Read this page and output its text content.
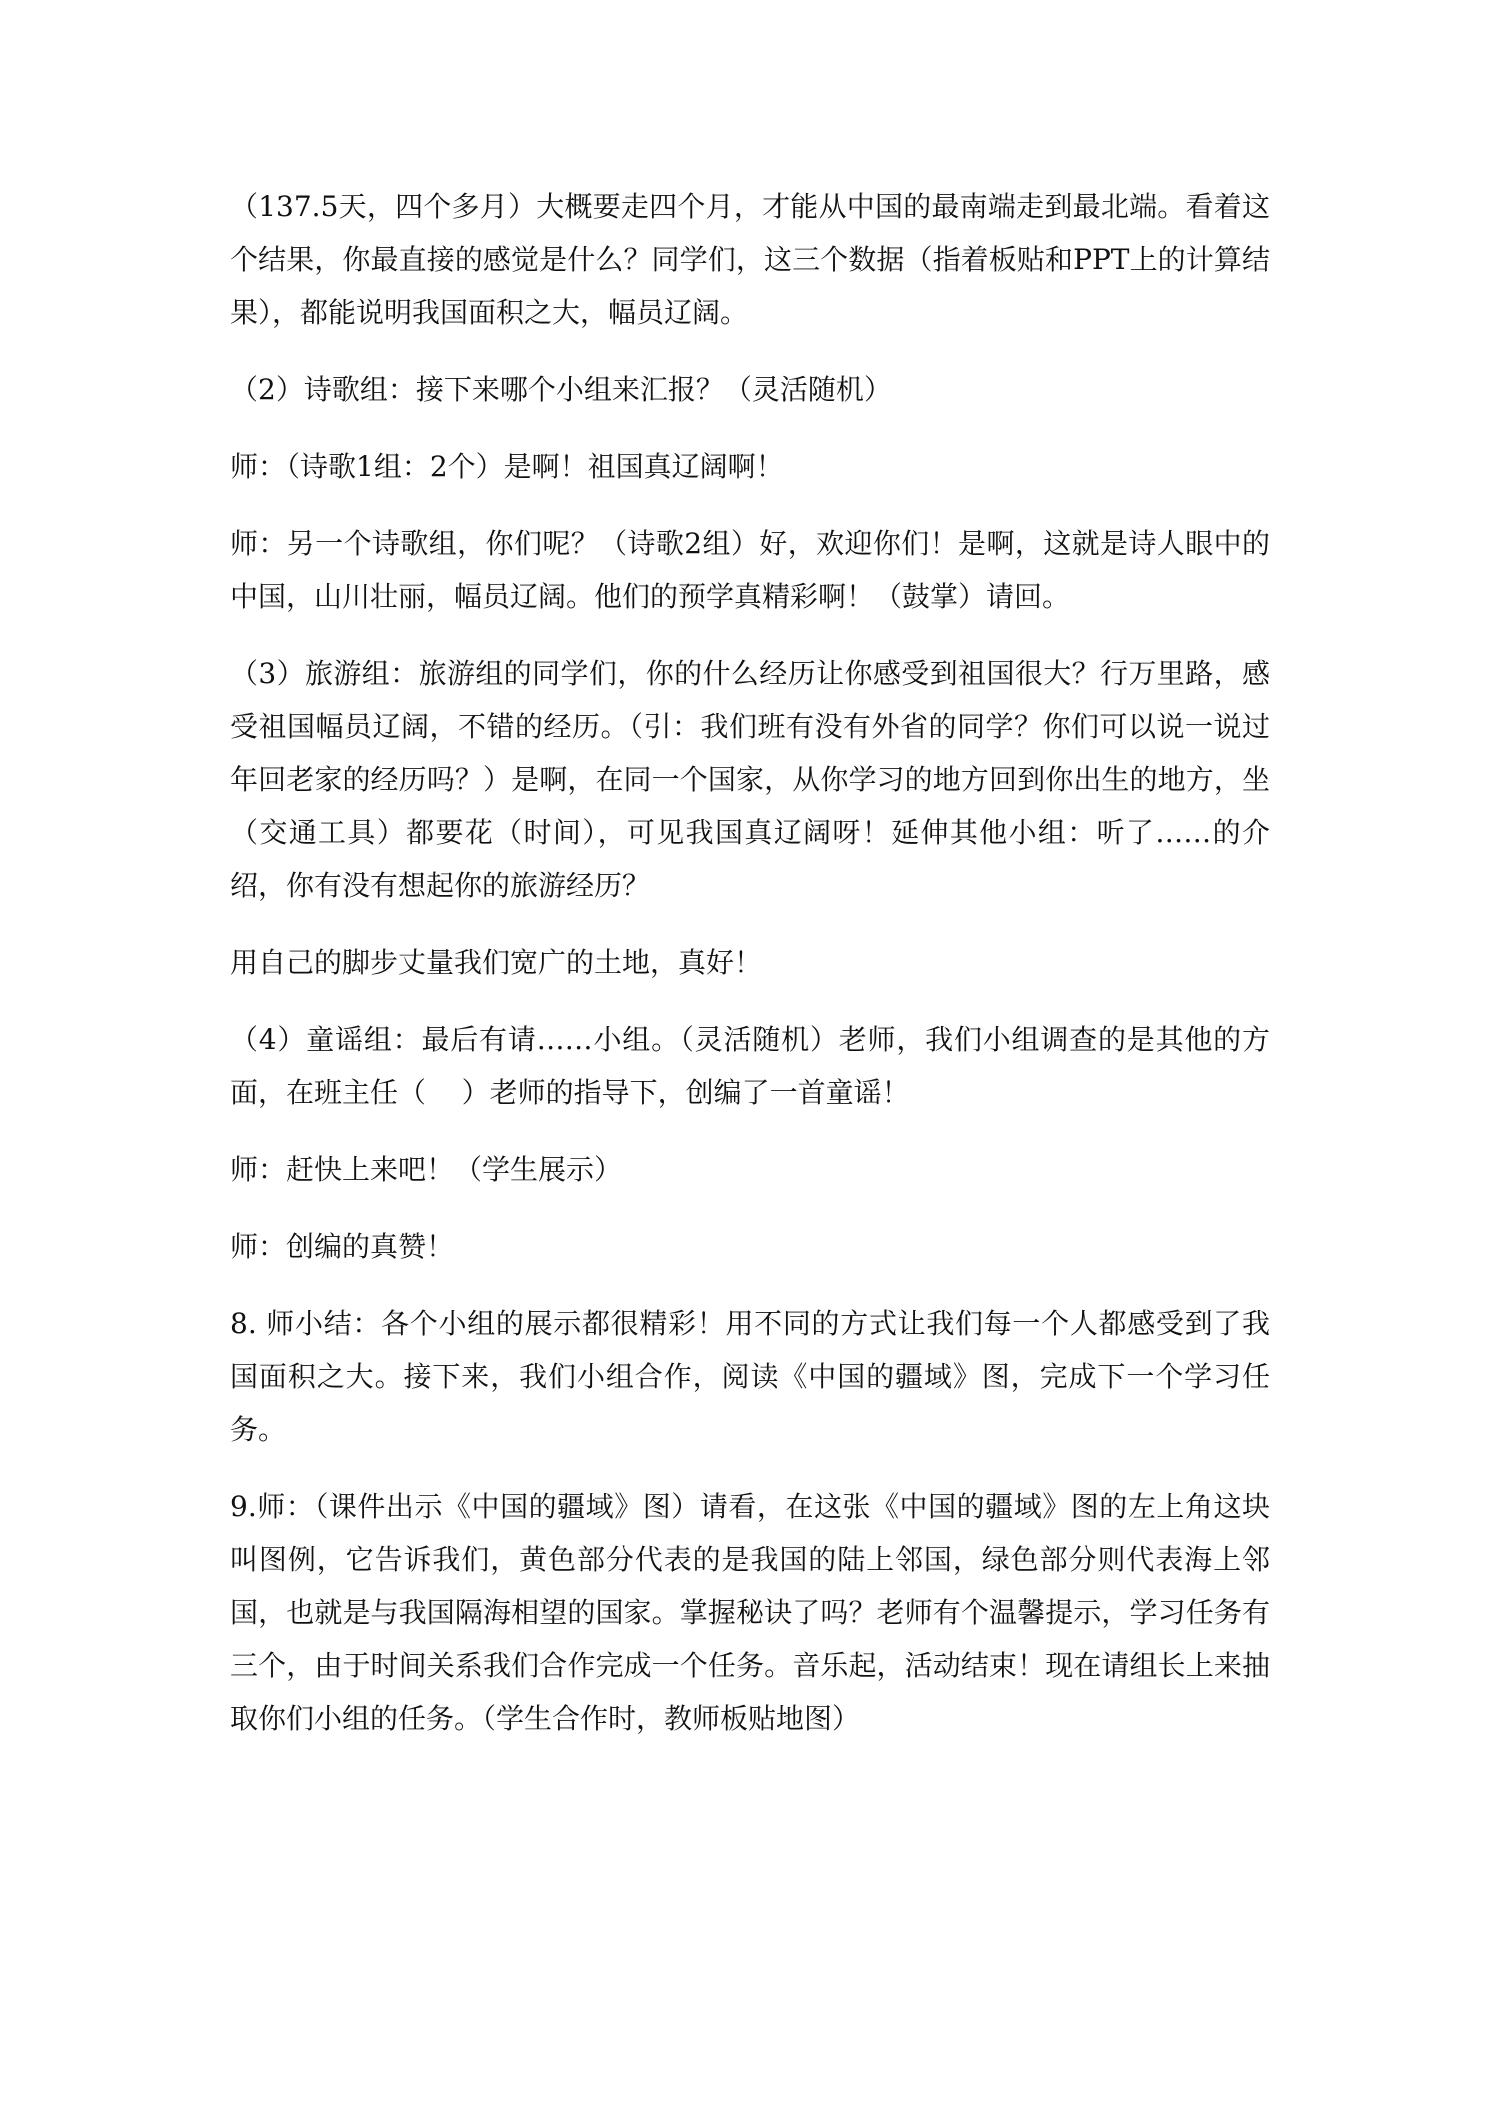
（137.5天，四个多月）大概要走四个月，才能从中国的最南端走到最北端。看着这个结果，你最直接的感觉是什么？同学们，这三个数据（指着板贴和PPT上的计算结果），都能说明我国面积之大，幅员辽阔。

（2）诗歌组：接下来哪个小组来汇报？（灵活随机）

师：（诗歌1组：2个）是啊！祖国真辽阔啊！

师：另一个诗歌组，你们呢？（诗歌2组）好，欢迎你们！是啊，这就是诗人眼中的中国，山川壮丽，幅员辽阔。他们的预学真精彩啊！（鼓掌）请回。

（3）旅游组：旅游组的同学们，你的什么经历让你感受到祖国很大？行万里路，感受祖国幅员辽阔，不错的经历。（引：我们班有没有外省的同学？你们可以说一说过年回老家的经历吗？）是啊，在同一个国家，从你学习的地方回到你出生的地方，坐（交通工具）都要花（时间），可见我国真辽阔呀！延伸其他小组：听了……的介绍，你有没有想起你的旅游经历？

用自己的脚步丈量我们宽广的土地，真好！

（4）童谣组：最后有请……小组。（灵活随机）老师，我们小组调查的是其他的方面，在班主任（    ）老师的指导下，创编了一首童谣！

师：赶快上来吧！（学生展示）

师：创编的真赞！

8. 师小结：各个小组的展示都很精彩！用不同的方式让我们每一个人都感受到了我国面积之大。接下来，我们小组合作，阅读《中国的疆域》图，完成下一个学习任务。

9.师：（课件出示《中国的疆域》图）请看，在这张《中国的疆域》图的左上角这块叫图例，它告诉我们，黄色部分代表的是我国的陆上邻国，绿色部分则代表海上邻国，也就是与我国隔海相望的国家。掌握秘诀了吗？老师有个温馨提示，学习任务有三个，由于时间关系我们合作完成一个任务。音乐起，活动结束！现在请组长上来抽取你们小组的任务。（学生合作时，教师板贴地图）
